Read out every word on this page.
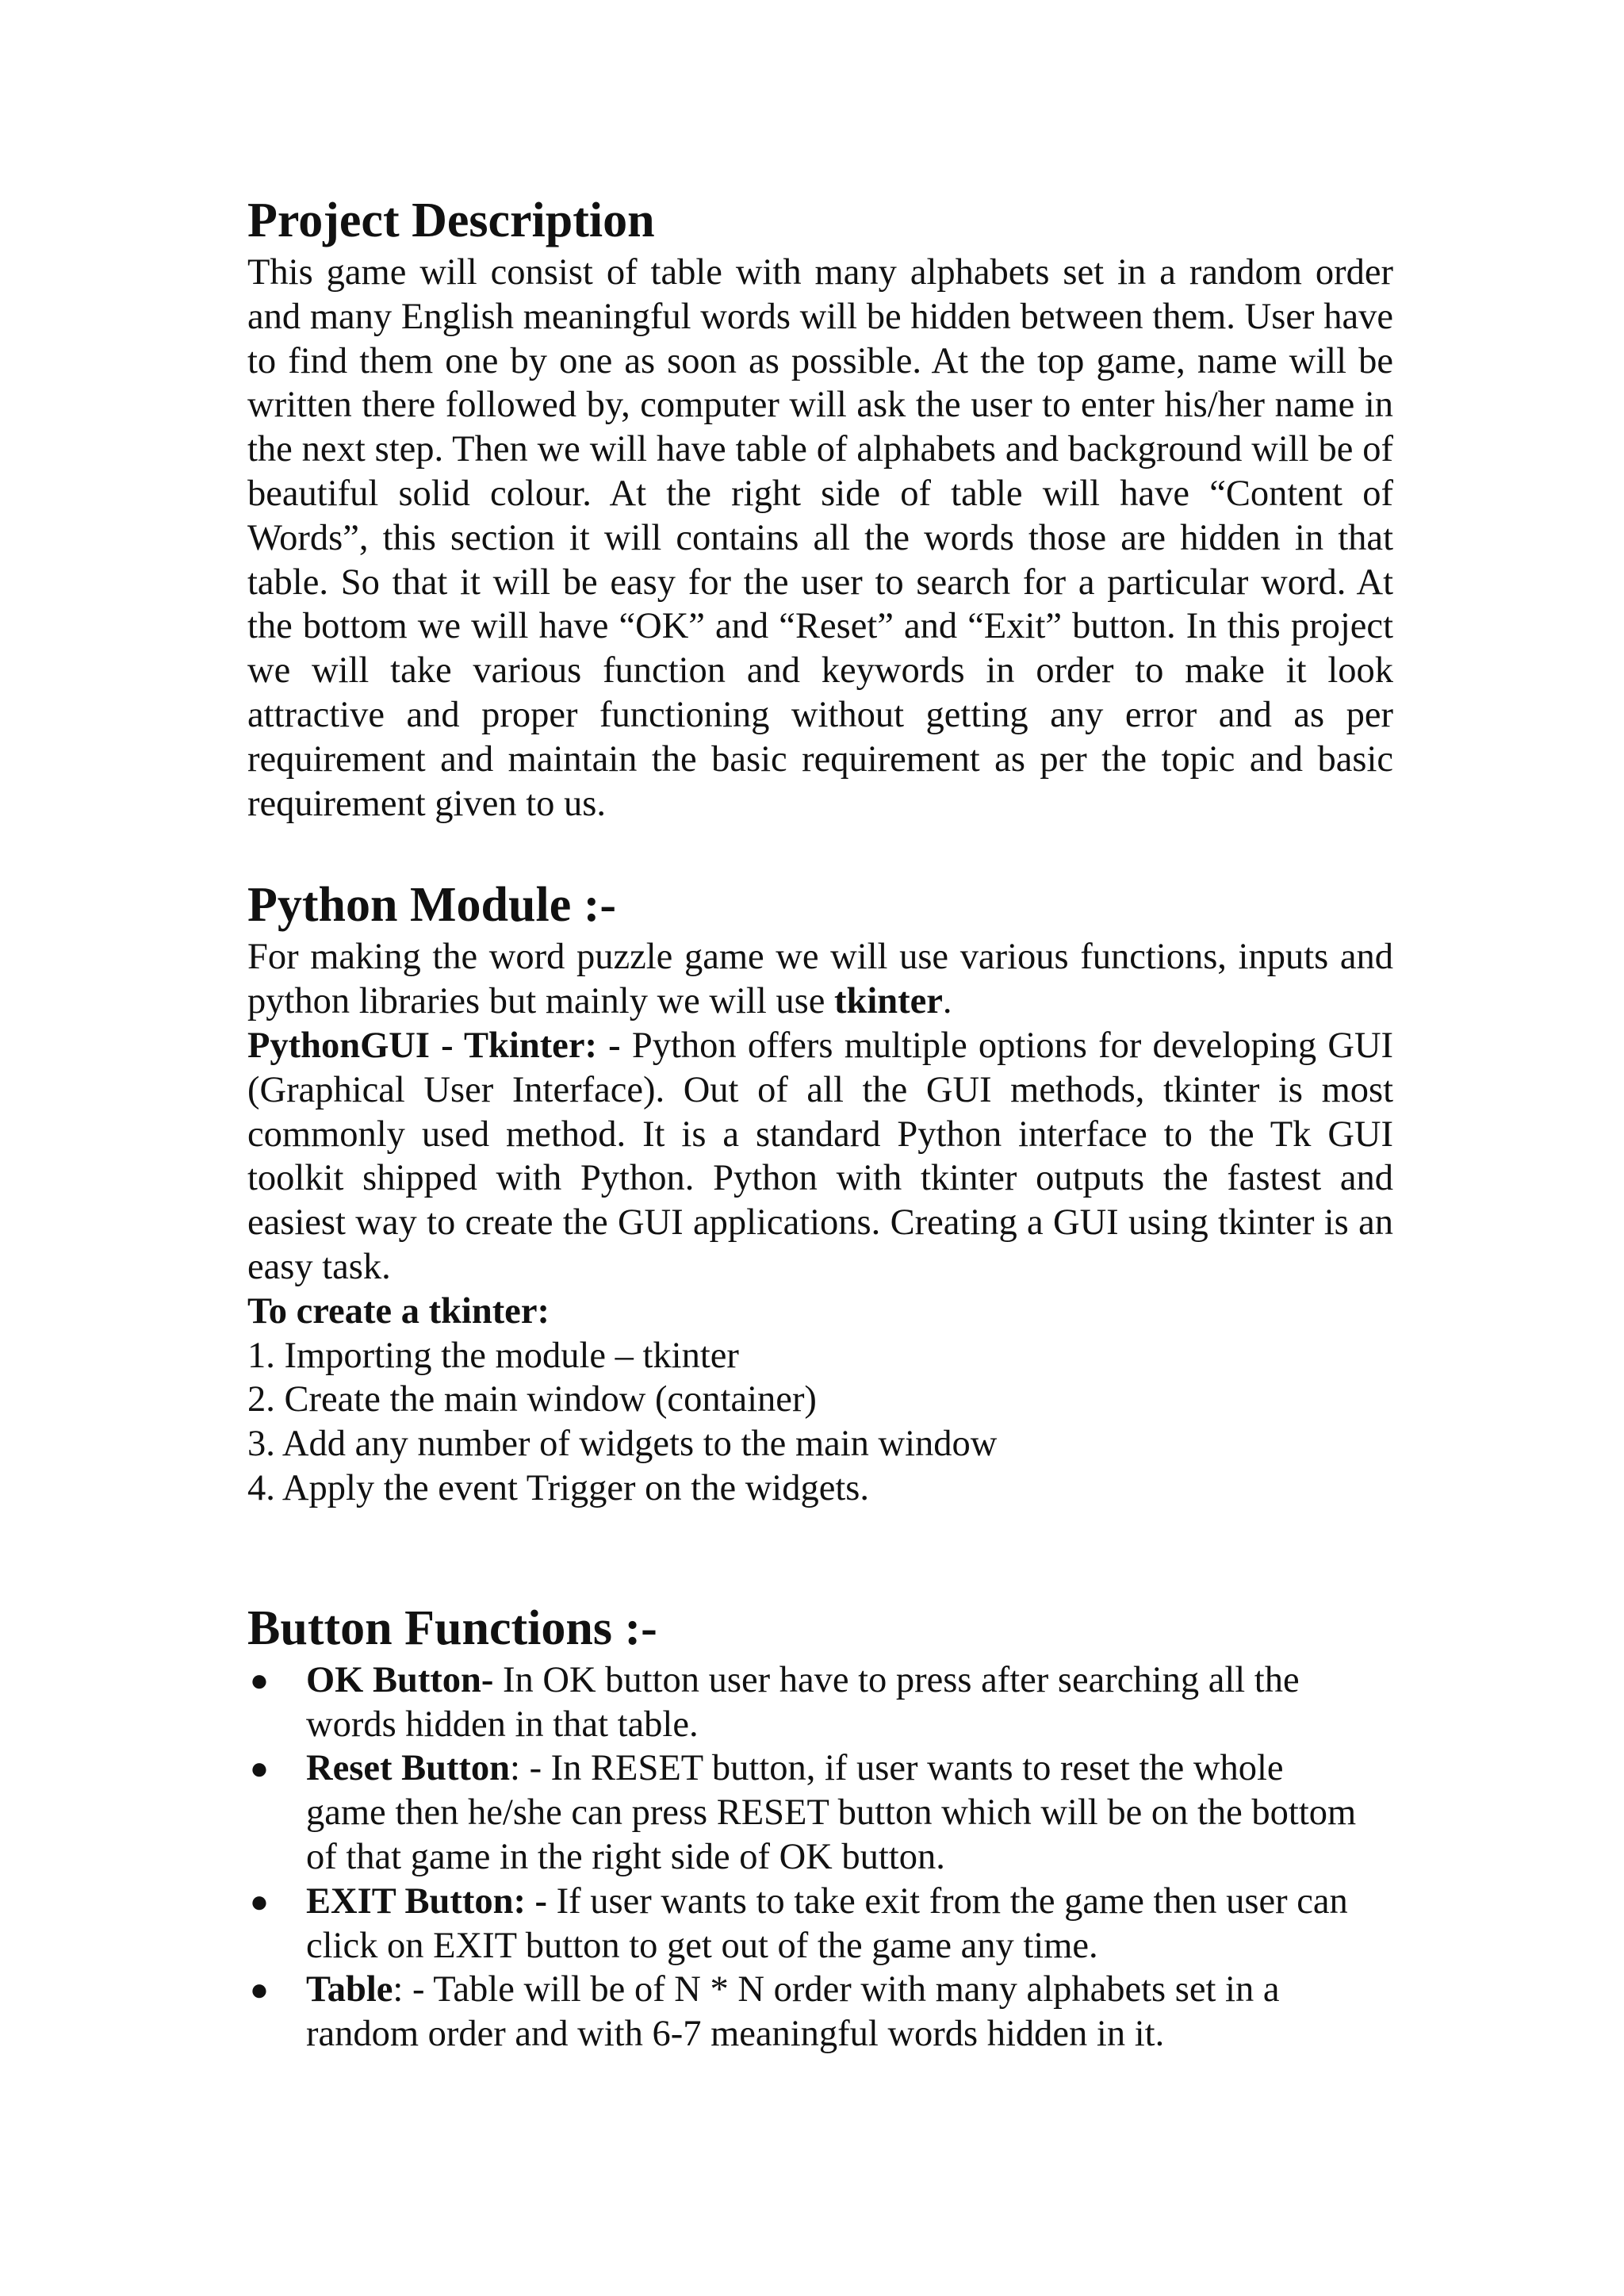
Project Description

This game will consist of table with many alphabets set in a random order and many English meaningful words will be hidden between them. User have to find them one by one as soon as possible. At the top game, name will be written there followed by, computer will ask the user to enter his/her name in the next step. Then we will have table of alphabets and background will be of beautiful solid colour. At the right side of table will have “Content of Words”, this section it will contains all the words those are hidden in that table. So that it will be easy for the user to search for a particular word. At the bottom we will have “OK” and “Reset” and “Exit” button. In this project we will take various function and keywords in order to make it look attractive and proper functioning without getting any error and as per requirement and maintain the basic requirement as per the topic and basic requirement given to us.

Python Module :-

For making the word puzzle game we will use various functions, inputs and python libraries but mainly we will use tkinter.

PythonGUI - Tkinter: - Python offers multiple options for developing GUI (Graphical User Interface). Out of all the GUI methods, tkinter is most commonly used method. It is a standard Python interface to the Tk GUI toolkit shipped with Python. Python with tkinter outputs the fastest and easiest way to create the GUI applications. Creating a GUI using tkinter is an easy task.

To create a tkinter:

1. Importing the module – tkinter
2. Create the main window (container)
3. Add any number of widgets to the main window
4. Apply the event Trigger on the widgets.
Button Functions :-
● OK Button- In OK button user have to press after searching all the words hidden in that table.
● Reset Button: - In RESET button, if user wants to reset the whole game then he/she can press RESET button which will be on the bottom of that game in the right side of OK button.
● EXIT Button: - If user wants to take exit from the game then user can click on EXIT button to get out of the game any time.
● Table: - Table will be of N * N order with many alphabets set in a random order and with 6-7 meaningful words hidden in it.
